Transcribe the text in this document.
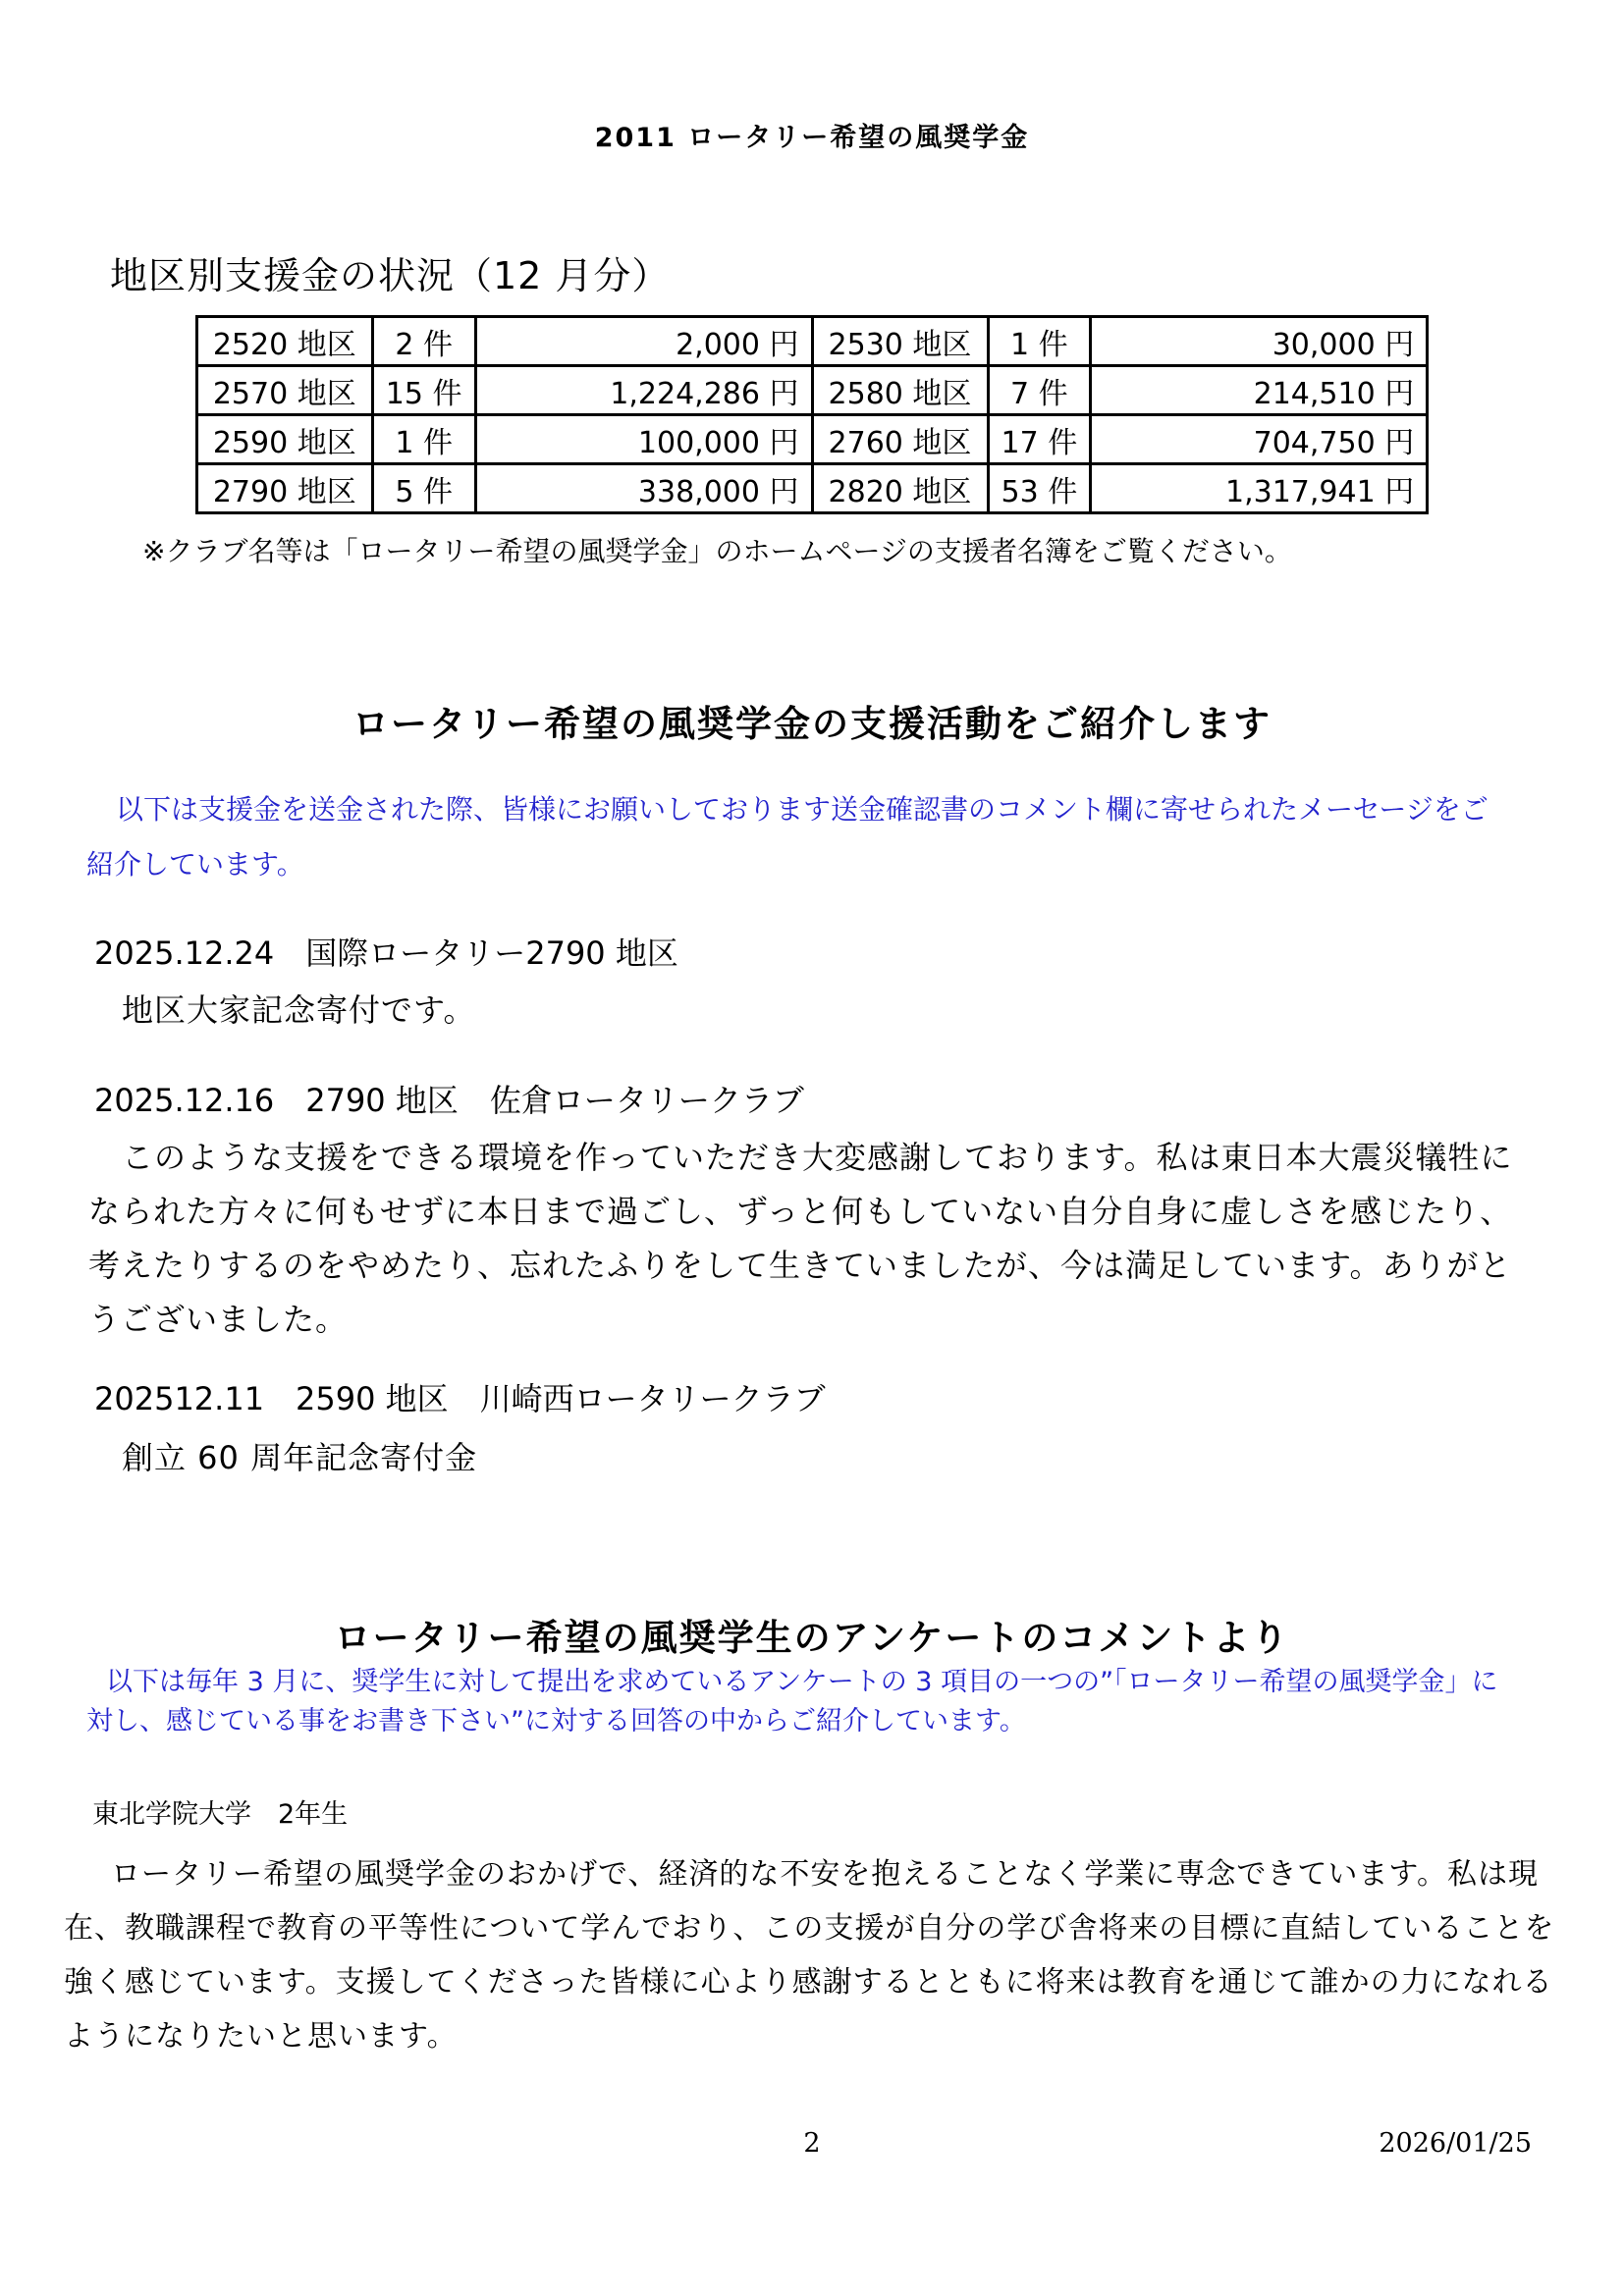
2011 ロータリー希望の風奨学金
地区別支援金の状況（12 月分）
2520 地区	2 件	2,000 円	2530 地区	1 件	30,000 円
2570 地区	15 件	1,224,286 円	2580 地区	7 件	214,510 円
2590 地区	1 件	100,000 円	2760 地区	17 件	704,750 円
2790 地区	5 件	338,000 円	2820 地区	53 件	1,317,941 円
※クラブ名等は「ロータリー希望の風奨学金」のホームページの支援者名簿をご覧ください。
ロータリー希望の風奨学金の支援活動をご紹介します
以下は支援金を送金された際、皆様にお願いしております送金確認書のコメント欄に寄せられたメーセージをご紹介しています。
2025.12.24　国際ロータリー2790 地区
地区大家記念寄付です。
2025.12.16　2790 地区　佐倉ロータリークラブ
このような支援をできる環境を作っていただき大変感謝しております。私は東日本大震災犠牲になられた方々に何もせずに本日まで過ごし、ずっと何もしていない自分自身に虚しさを感じたり、考えたりするのをやめたり、忘れたふりをして生きていましたが、今は満足しています。ありがとうございました。
202512.11　2590 地区　川崎西ロータリークラブ
創立 60 周年記念寄付金
ロータリー希望の風奨学生のアンケートのコメントより
以下は毎年 3 月に、奨学生に対して提出を求めているアンケートの 3 項目の一つの”「ロータリー希望の風奨学金」に対し、感じている事をお書き下さい”に対する回答の中からご紹介しています。
東北学院大学　2年生
ロータリー希望の風奨学金のおかげで、経済的な不安を抱えることなく学業に専念できています。私は現在、教職課程で教育の平等性について学んでおり、この支援が自分の学び舎将来の目標に直結していることを強く感じています。支援してくださった皆様に心より感謝するとともに将来は教育を通じて誰かの力になれるようになりたいと思います。
2	2026/01/25
